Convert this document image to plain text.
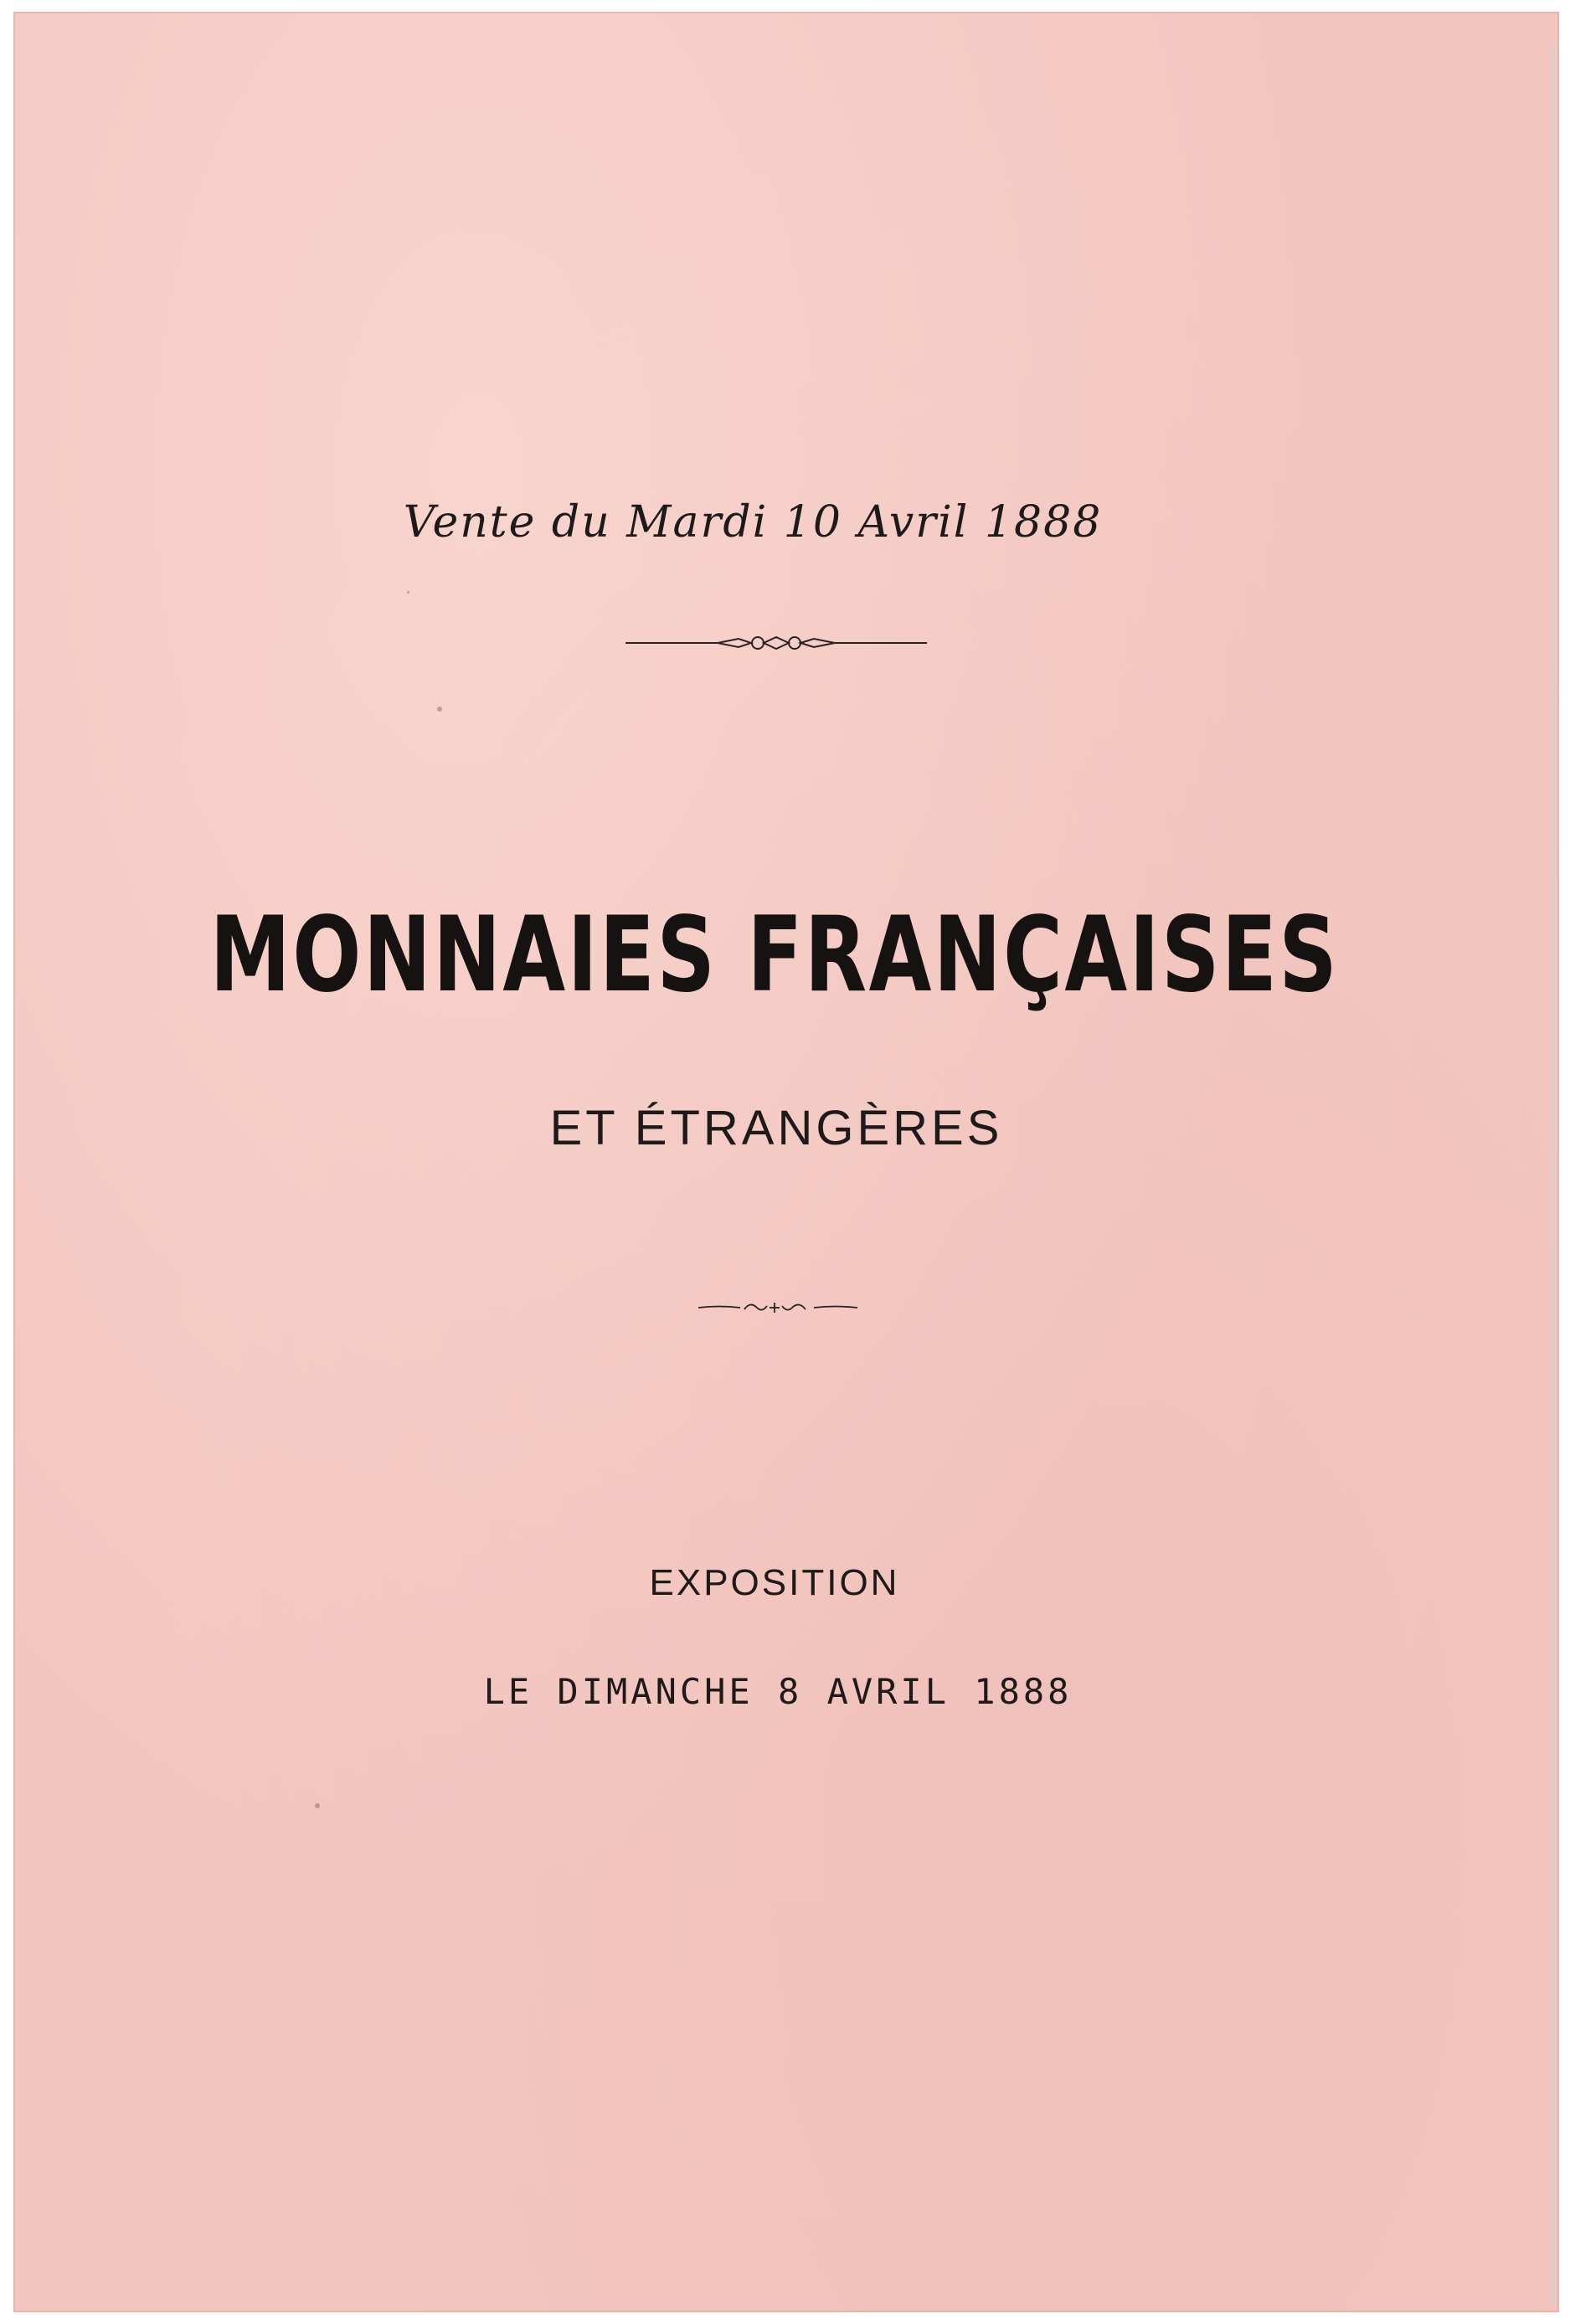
Vente du Mardi 10 Avril 1888
MONNAIES FRANÇAISES
ET ÉTRANGÈRES
EXPOSITION
LE DIMANCHE 8 AVRIL 1888
